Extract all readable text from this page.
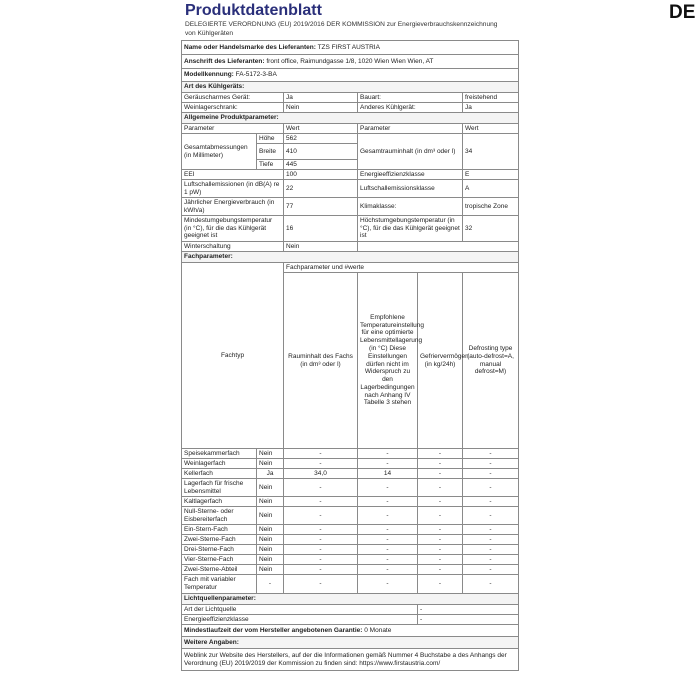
Produktdatenblatt
DELEGIERTE VERORDNUNG (EU) 2019/2016 DER KOMMISSION zur Energieverbrauchskennzeichnung von Kühlgeräten
DE
Name oder Handelsmarke des Lieferanten: TZS FIRST AUSTRIA					
Anschrift des Lieferanten: front office, Raimundgasse 1/8, 1020 Wien Wien Wien, AT					
Modellkennung: FA-5172-3-BA					
Art des Kühlgeräts:					
Geräuscharmes Gerät:		Ja	Bauart:		freistehend
Weinlagerschrank:		Nein	Anderes Kühlgerät:		Ja
Allgemeine Produktparameter:					
Parameter		Wert	Parameter		Wert
Gesamtabmessungen (in Millimeter)	Höhe	562	Gesamtrauminhalt (in dm³ oder l)		34
	Breite	410			
	Tiefe	445			
EEI		100	Energieeffizienzklasse		E
Luftschallemissionen (in dB(A) re 1 pW)		22	Luftschallemissionsklasse		A
Jährlicher Energieverbrauch (in kWh/a)		77	Klimaklasse:		tropische Zone
Mindestumgebungstemperatur (in °C), für die das Kühlgerät geeignet ist		16	Höchstumgebungstemperatur (in °C), für die das Kühlgerät geeignet ist		32
Winterschaltung		Nein			
Fachparameter:					
Fachtyp		Fachparameter und #werte			
		Rauminhalt des Fachs (in dm³ oder l)	Empfohlene Temperatureinstellung für eine optimierte Lebensmittellagerung (in °C) Diese Einstellungen dürfen nicht im Widerspruch zu den Lagerbedingungen nach Anhang IV Tabelle 3 stehen	Gefriervermögen (in kg/24h)	Defrosting type (auto-defrost=A, manual defrost=M)
Speisekammerfach	Nein	-	-	-	-
Weinlagerfach	Nein	-	-	-	-
Kellerfach	Ja	34,0	14	-	-
Lagerfach für frische Lebensmittel	Nein	-	-	-	-
Kaltlagerfach	Nein	-	-	-	-
Null-Sterne- oder Eisbereiterfach	Nein	-	-	-	-
Ein-Stern-Fach	Nein	-	-	-	-
Zwei-Sterne-Fach	Nein	-	-	-	-
Drei-Sterne-Fach	Nein	-	-	-	-
Vier-Sterne-Fach	Nein	-	-	-	-
Zwei-Sterne-Abteil	Nein	-	-	-	-
Fach mit variabler Temperatur	-	-	-	-	-
Lichtquellenparameter:					
Art der Lichtquelle				-	
Energieeffizienzklasse				-	
Mindestlaufzeit der vom Hersteller angebotenen Garantie: 0 Monate					
Weitere Angaben:					
Weblink zur Website des Herstellers, auf der die Informationen gemäß Nummer 4 Buchstabe a des Anhangs der Verordnung (EU) 2019/2019 der Kommission zu finden sind: https://www.firstaustria.com/					
